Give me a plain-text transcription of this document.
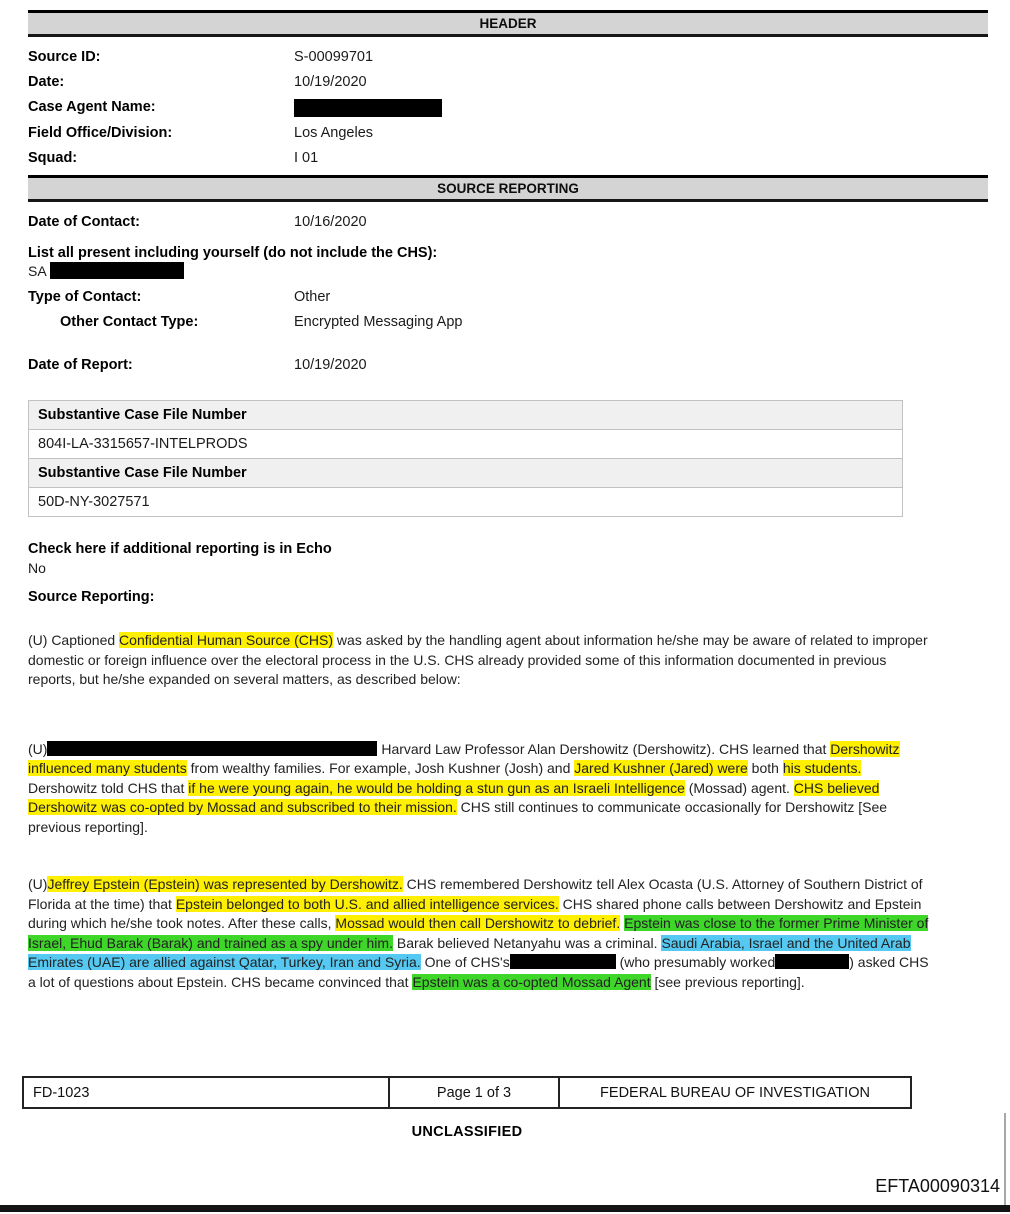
HEADER
Source ID:	S-00099701
Date:	10/19/2020
Case Agent Name:
Field Office/Division:	Los Angeles
Squad:	I 01
SOURCE REPORTING
Date of Contact:	10/16/2020
List all present including yourself (do not include the CHS):
SA
Type of Contact:	Other
Other Contact Type:	Encrypted Messaging App
Date of Report:	10/19/2020
Substantive Case File Number
804I-LA-3315657-INTELPRODS
Substantive Case File Number
50D-NY-3027571
Check here if additional reporting is in Echo
No
Source Reporting:
(U) Captioned Confidential Human Source (CHS) was asked by the handling agent about information he/she may be aware of related to improper domestic or foreign influence over the electoral process in the U.S. CHS already provided some of this information documented in previous reports, but he/she expanded on several matters, as described below:
(U)	Harvard Law Professor Alan Dershowitz (Dershowitz). CHS learned that Dershowitz influenced many students from wealthy families. For example, Josh Kushner (Josh) and Jared Kushner (Jared) were both his students. Dershowitz told CHS that if he were young again, he would be holding a stun gun as an Israeli Intelligence (Mossad) agent. CHS believed Dershowitz was co-opted by Mossad and subscribed to their mission. CHS still continues to communicate occasionally for Dershowitz [See previous reporting].
(U)Jeffrey Epstein (Epstein) was represented by Dershowitz. CHS remembered Dershowitz tell Alex Ocasta (U.S. Attorney of Southern District of Florida at the time) that Epstein belonged to both U.S. and allied intelligence services. CHS shared phone calls between Dershowitz and Epstein during which he/she took notes. After these calls, Mossad would then call Dershowitz to debrief. Epstein was close to the former Prime Minister of Israel, Ehud Barak (Barak) and trained as a spy under him. Barak believed Netanyahu was a criminal. Saudi Arabia, Israel and the United Arab Emirates (UAE) are allied against Qatar, Turkey, Iran and Syria. One of CHS's	(who presumably worked	) asked CHS a lot of questions about Epstein. CHS became convinced that Epstein was a co-opted Mossad Agent [see previous reporting].
FD-1023	Page 1 of 3	FEDERAL BUREAU OF INVESTIGATION
UNCLASSIFIED
EFTA00090314
